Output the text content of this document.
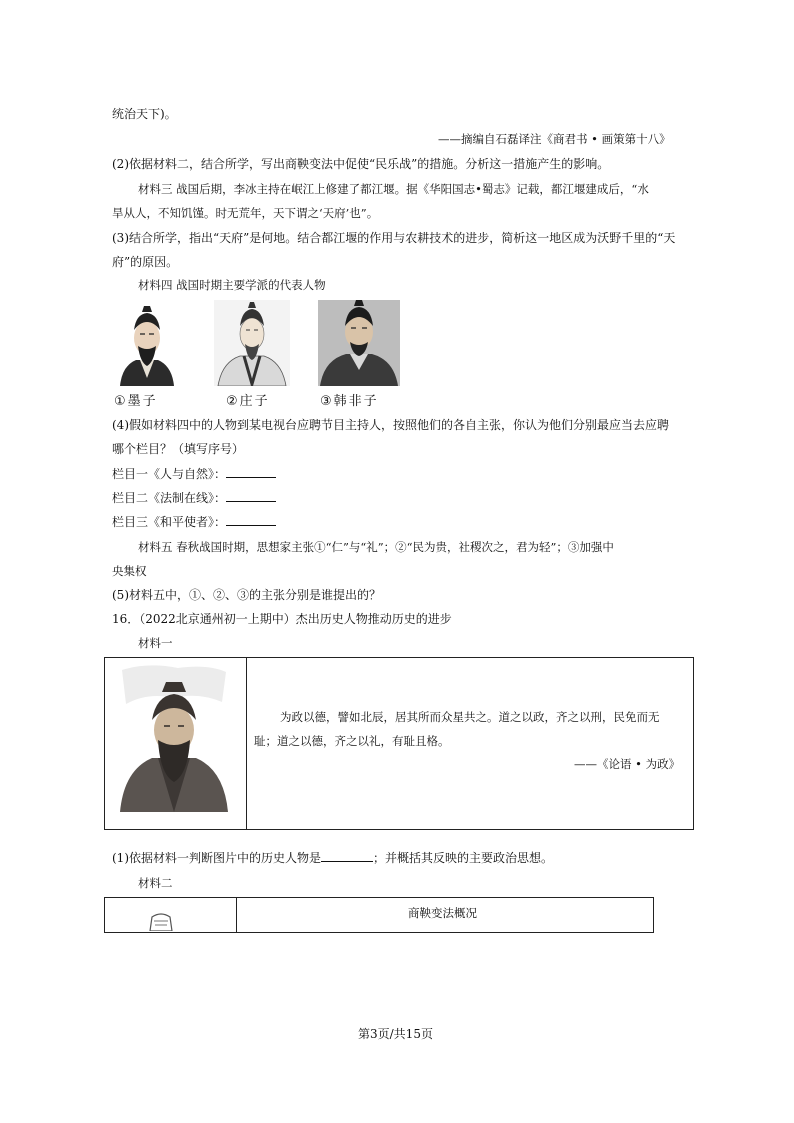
统治天下)。
——摘编自石磊译注《商君书 • 画策第十八》
(2)依据材料二，结合所学，写出商鞅变法中促使“民乐战”的措施。分析这一措施产生的影响。
材料三 战国后期，李冰主持在岷江上修建了都江堰。据《华阳国志•蜀志》记载，都江堰建成后，“水
旱从人，不知饥馑。时无荒年，天下谓之‘天府’也”。
(3)结合所学，指出“天府”是何地。结合都江堰的作用与农耕技术的进步，简析这一地区成为沃野千里的“天
府”的原因。
材料四 战国时期主要学派的代表人物
①墨子	②庄子	③韩非子
(4)假如材料四中的人物到某电视台应聘节目主持人，按照他们的各自主张，你认为他们分别最应当去应聘
哪个栏目？（填写序号）
栏目一《人与自然》：
栏目二《法制在线》：
栏目三《和平使者》：
材料五 春秋战国时期，思想家主张①“仁”与“礼”；②“民为贵，社稷次之，君为轻”；③加强中
央集权
(5)材料五中，①、②、③的主张分别是谁提出的？
16．（2022北京通州初一上期中）杰出历史人物推动历史的进步
材料一
为政以德，譬如北辰，居其所而众星共之。道之以政，齐之以刑，民免而无
耻；道之以德，齐之以礼，有耻且格。
——《论语 • 为政》
(1)依据材料一判断图片中的历史人物是	；并概括其反映的主要政治思想。
材料二
商鞅变法概况
第3页/共15页
